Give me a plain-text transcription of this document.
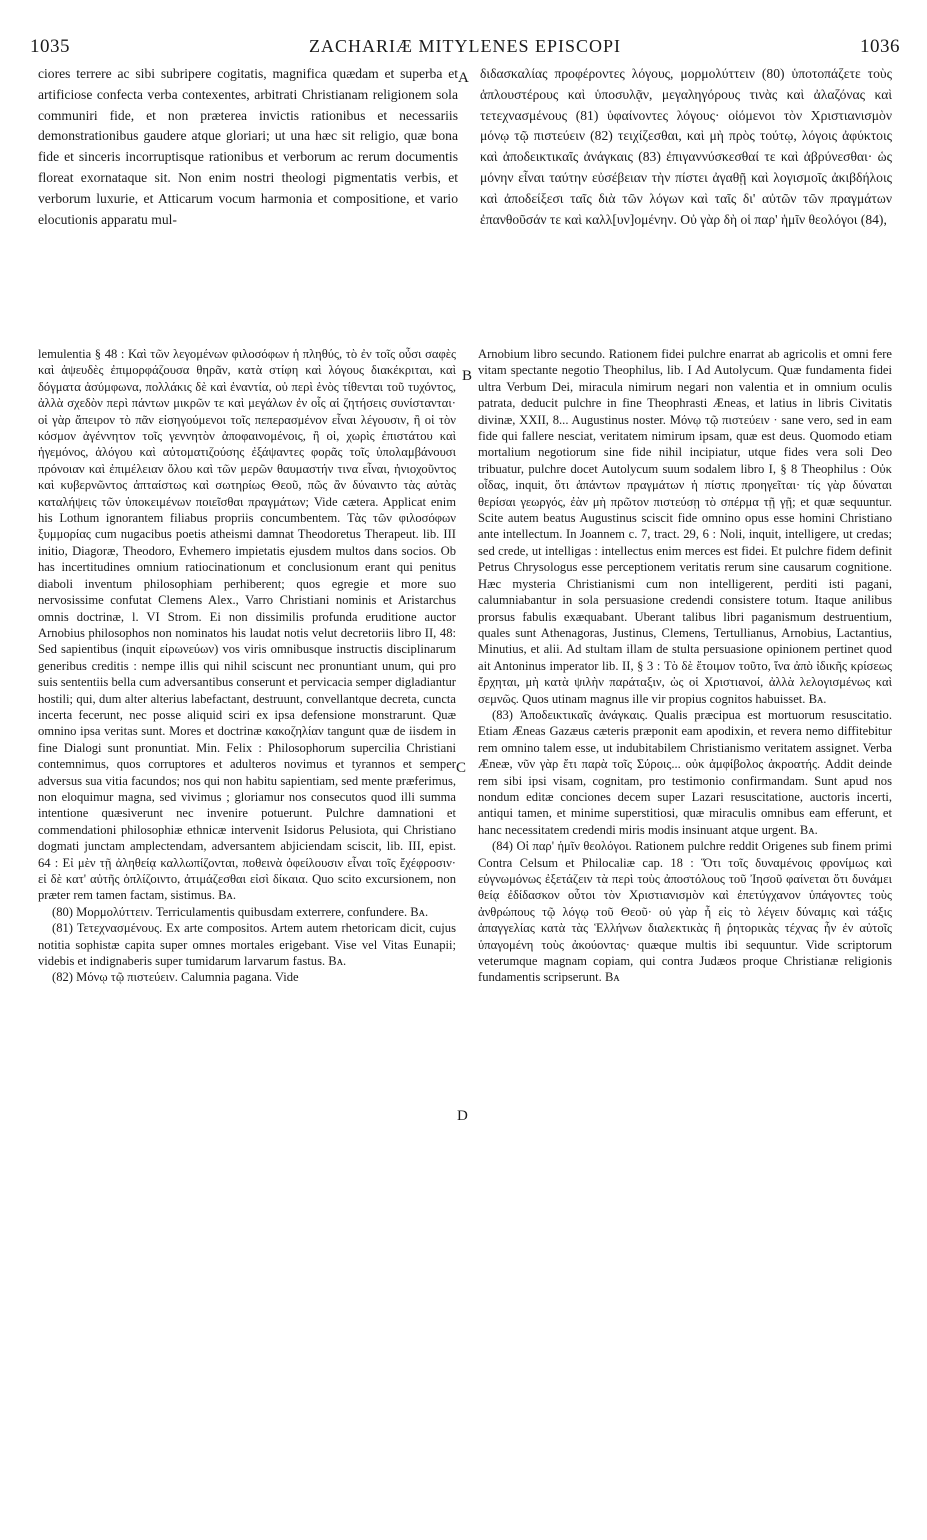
1035	ZACHARIÆ MITYLENES EPISCOPI	1036

ciores terrere ac sibi subripere cogitatis, magnifica quædam et superba et artificiose confecta verba contexentes, arbitrati Christianam religionem sola communiri fide, et non præterea invictis rationibus et necessariis demonstrationibus gaudere atque gloriari; ut una hæc sit religio, quæ bona fide et sinceris incorruptisque rationibus et verborum ac rerum documentis floreat exornataque sit. Non enim nostri theologi pigmentatis verbis, et verborum luxurie, et Atticarum vocum harmonia et compositione, et vario elocutionis apparatu mul-

διδασκαλίας προφέροντες λόγους, μορμολύττειν (80) ὑποτοπάζετε τοὺς ἁπλουστέρους καὶ ὑποσυλᾷν, μεγαληγόρους τινὰς καὶ ἀλαζόνας καὶ τετεχνασμένους (81) ὑφαίνοντες λόγους· οἰόμενοι τὸν Χριστιανισμὸν μόνῳ τῷ πιστεύειν (82) τειχίζεσθαι, καὶ μὴ πρὸς τούτῳ, λόγοις ἀφύκτοις καὶ ἀποδεικτικαῖς ἀνάγκαις (83) ἐπιγαννύσκεσθαί τε καὶ ἀβρύνεσθαι· ὡς μόνην εἶναι ταύτην εὐσέβειαν τὴν πίστει ἀγαθῇ καὶ λογισμοῖς ἀκιβδήλοις καὶ ἀποδείξεσι ταῖς διὰ τῶν λόγων καὶ ταῖς δι' αὐτῶν τῶν πραγμάτων ἐπανθοῦσάν τε καὶ καλλ[υν]ομένην. Οὐ γὰρ δὴ οἱ παρ' ἡμῖν θεολόγοι (84),

A
B
C
D

lemulentia § 48 : Καὶ τῶν λεγομένων φιλοσόφων ἡ πληθύς, τὸ ἐν τοῖς οὖσι σαφὲς καὶ ἀψευδὲς ἐπιμορφάζουσα θηρᾶν, κατὰ στίφη καὶ λόγους διακέκριται, καὶ δόγματα ἀσύμφωνα, πολλάκις δὲ καὶ ἐναντία, οὐ περὶ ἑνὸς τίθενται τοῦ τυχόντος, ἀλλὰ σχεδὸν περὶ πάντων μικρῶν τε καὶ μεγάλων ἐν οἷς αἱ ζητήσεις συνίστανται· οἱ γὰρ ἄπειρον τὸ πᾶν εἰσηγούμενοι τοῖς πεπερασμένον εἶναι λέγουσιν, ἢ οἱ τὸν κόσμον ἀγέννητον τοῖς γεννητὸν ἀποφαινομένοις, ἢ οἱ, χωρὶς ἐπιστάτου καὶ ἡγεμόνος, ἀλόγου καὶ αὐτοματιζούσης ἐξάψαντες φορᾶς τοῖς ὑπολαμβάνουσι πρόνοιαν καὶ ἐπιμέλειαν ὅλου καὶ τῶν μερῶν θαυμαστήν τινα εἶναι, ἡνιοχοῦντος καὶ κυβερνῶντος ἀπταίστως καὶ σωτηρίως Θεοῦ, πῶς ἂν δύναιντο τὰς αὐτὰς καταλήψεις τῶν ὑποκειμένων ποιεῖσθαι πραγμάτων; Vide cætera. Applicat enim his Lothum ignorantem filiabus propriis concumbentem. Τὰς τῶν φιλοσόφων ξυμμορίας cum nugacibus poetis atheismi damnat Theodoretus Therapeut. lib. III initio, Diagoræ, Theodoro, Evhemero impietatis ejusdem multos dans socios. Ob has incertitudines omnium ratiocinationum et conclusionum erant qui penitus diaboli inventum philosophiam perhiberent; quos egregie et more suo nervosissime confutat Clemens Alex., Varro Christiani nominis et Aristarchus omnis doctrinæ, l. VI Strom. Ei non dissimilis profunda eruditione auctor Arnobius philosophos non nominatos his laudat notis velut decretoriis libro II, 48: Sed sapientibus (inquit εἰρωνεύων) vos viris omnibusque instructis disciplinarum generibus creditis : nempe illis qui nihil sciscunt nec pronuntiant unum, qui pro suis sententiis bella cum adversantibus conserunt et pervicacia semper digladiantur hostili; qui, dum alter alterius labefactant, destruunt, convellantque decreta, cuncta incerta fecerunt, nec posse aliquid sciri ex ipsa defensione monstrarunt. Quæ omnino ipsa veritas sunt. Mores et doctrinæ κακοζηλίαν tangunt quæ de iisdem in fine Dialogi sunt pronuntiat. Min. Felix : Philosophorum supercilia Christiani contemnimus, quos corruptores et adulteros novimus et tyrannos et semper adversus sua vitia facundos; nos qui non habitu sapientiam, sed mente præferimus, non eloquimur magna, sed vivimus ; gloriamur nos consecutos quod illi summa intentione quæsiverunt nec invenire potuerunt. Pulchre damnationi et commendationi philosophiæ ethnicæ intervenit Isidorus Pelusiota, qui Christiano dogmati junctam amplectendam, adversantem abjiciendam sciscit, lib. III, epist. 64 : Εἰ μὲν τῇ ἀληθείᾳ καλλωπίζονται, ποθεινὰ ὀφείλουσιν εἶναι τοῖς ἔχέφροσιν· εἰ δὲ κατ' αὐτῆς ὁπλίζοιντο, ἀτιμάζεσθαι εἰσὶ δίκαια. Quo scito excursionem, non præter rem tamen factam, sistimus. Bᴀ.

(80) Μορμολύττειν. Terriculamentis quibusdam exterrere, confundere. Bᴀ.

(81) Τετεχνασμένους. Ex arte compositos. Artem autem rhetoricam dicit, cujus notitia sophistæ capita super omnes mortales erigebant. Vise vel Vitas Eunapii; videbis et indignaberis super tumidarum larvarum fastus. Bᴀ.

(82) Μόνῳ τῷ πιστεύειν. Calumnia pagana. Vide

Arnobium libro secundo. Rationem fidei pulchre enarrat ab agricolis et omni fere vitam spectante negotio Theophilus, lib. I Ad Autolycum. Quæ fundamenta fidei ultra Verbum Dei, miracula nimirum negari non valentia et in omnium oculis patrata, deducit pulchre in fine Theophrasti Æneas, et latius in libris Civitatis divinæ, XXII, 8... Augustinus noster. Μόνῳ τῷ πιστεύειν · sane vero, sed in eam fide qui fallere nesciat, veritatem nimirum ipsam, quæ est deus. Quomodo etiam mortalium negotiorum sine fide nihil incipiatur, utque fides vera soli Deo tribuatur, pulchre docet Autolycum suum sodalem libro I, § 8 Theophilus : Οὐκ οἶδας, inquit, ὅτι ἁπάντων πραγμάτων ἡ πίστις προηγεῖται· τίς γὰρ δύναται θερίσαι γεωργός, ἐὰν μὴ πρῶτον πιστεύσῃ τὸ σπέρμα τῇ γῇ; et quæ sequuntur. Scite autem beatus Augustinus sciscit fide omnino opus esse homini Christiano ante intellectum. In Joannem c. 7, tract. 29, 6 : Noli, inquit, intelligere, ut credas; sed crede, ut intelligas : intellectus enim merces est fidei. Et pulchre fidem definit Petrus Chrysologus esse perceptionem veritatis rerum sine causarum cognitione. Hæc mysteria Christianismi cum non intelligerent, perditi isti pagani, calumniabantur in sola persuasione credendi consistere totum. Itaque anilibus prorsus fabulis exæquabant. Uberant talibus libri paganismum destruentium, quales sunt Athenagoras, Justinus, Clemens, Tertullianus, Arnobius, Lactantius, Minutius, et alii. Ad stultam illam de stulta persuasione opinionem pertinet quod ait Antoninus imperator lib. II, § 3 : Τὸ δὲ ἕτοιμον τοῦτο, ἵνα ἀπὸ ἰδικῆς κρίσεως ἔρχηται, μὴ κατὰ ψιλὴν παράταξιν, ὡς οἱ Χριστιανοί, ἀλλὰ λελογισμένως καὶ σεμνῶς. Quos utinam magnus ille vir propius cognitos habuisset. Bᴀ.

(83) Ἀποδεικτικαῖς ἀνάγκαις. Qualis præcipua est mortuorum resuscitatio. Etiam Æneas Gazæus cæteris præponit eam apodixin, et revera nemo diffitebitur rem omnino talem esse, ut indubitabilem Christianismo veritatem assignet. Verba Æneæ, νῦν γὰρ ἔτι παρὰ τοῖς Σύροις... οὐκ ἀμφίβολος ἀκροατής. Addit deinde rem sibi ipsi visam, cognitam, pro testimonio confirmandam. Sunt apud nos nondum editæ conciones decem super Lazari resuscitatione, auctoris incerti, antiqui tamen, et minime superstitiosi, quæ miraculis omnibus eam efferunt, et hanc necessitatem credendi miris modis insinuant atque urgent. Bᴀ.

(84) Οἱ παρ' ἡμῖν θεολόγοι. Rationem pulchre reddit Origenes sub finem primi Contra Celsum et Philocaliæ cap. 18 : Ὅτι τοῖς δυναμένοις φρονίμως καὶ εὐγνωμόνως ἐξετάζειν τὰ περὶ τοὺς ἀποστόλους τοῦ Ἰησοῦ φαίνεται ὅτι δυνάμει θείᾳ ἐδίδασκον οὗτοι τὸν Χριστιανισμὸν καὶ ἐπετύγχανον ὑπάγοντες τοὺς ἀνθρώπους τῷ λόγῳ τοῦ Θεοῦ· οὐ γὰρ ἦ εἰς τὸ λέγειν δύναμις καὶ τάξις ἀπαγγελίας κατὰ τὰς Ἑλλήνων διαλεκτικὰς ἢ ῥητορικὰς τέχνας ἦν ἐν αὐτοῖς ὑπαγομένη τοὺς ἀκούοντας· quæque multis ibi sequuntur. Vide scriptorum veterumque magnam copiam, qui contra Judæos proque Christianæ religionis fundamentis scripserunt. Bᴀ
